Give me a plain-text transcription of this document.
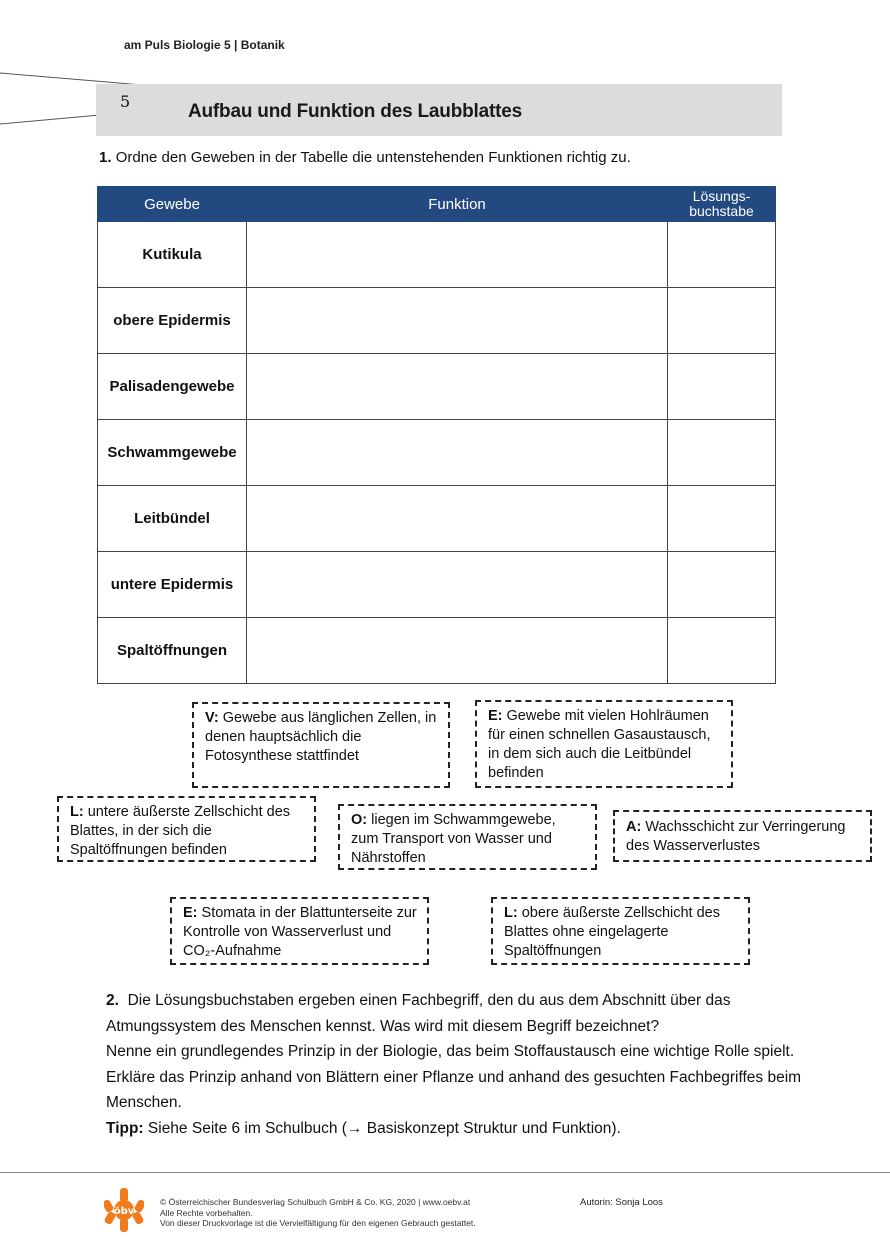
am Puls Biologie 5 | Botanik
5	Aufbau und Funktion des Laubblattes
1. Ordne den Geweben in der Tabelle die untenstehenden Funktionen richtig zu.
Gewebe	Funktion	Lösungs-
buchstabe
Kutikula		
obere Epidermis		
Palisadengewebe		
Schwammgewebe		
Leitbündel		
untere Epidermis		
Spaltöffnungen		
V: Gewebe aus länglichen Zellen, in denen hauptsächlich die Fotosynthese stattfindet
E: Gewebe mit vielen Hohlräumen für einen schnellen Gasaustausch, in dem sich auch die Leitbündel befinden
L: untere äußerste Zellschicht des Blattes, in der sich die Spaltöffnungen befinden
O: liegen im Schwammgewebe, zum Transport von Wasser und Nährstoffen
A: Wachsschicht zur Verringerung des Wasserverlustes
E: Stomata in der Blattunterseite zur Kontrolle von Wasserverlust und CO₂-Aufnahme
L: obere äußerste Zellschicht des Blattes ohne eingelagerte Spaltöffnungen

2. Die Lösungsbuchstaben ergeben einen Fachbegriff, den du aus dem Abschnitt über das Atmungssystem des Menschen kennst. Was wird mit diesem Begriff bezeichnet?

Nenne ein grundlegendes Prinzip in der Biologie, das beim Stoffaustausch eine wichtige Rolle spielt. Erkläre das Prinzip anhand von Blättern einer Pflanze und anhand des gesuchten Fachbegriffes beim Menschen.

Tipp: Siehe Seite 6 im Schulbuch (→ Basiskonzept Struktur und Funktion).

öbv
© Österreichischer Bundesverlag Schulbuch GmbH & Co. KG, 2020 | www.oebv.at
Alle Rechte vorbehalten.
Von dieser Druckvorlage ist die Vervielfältigung für den eigenen Gebrauch gestattet.
Autorin: Sonja Loos
